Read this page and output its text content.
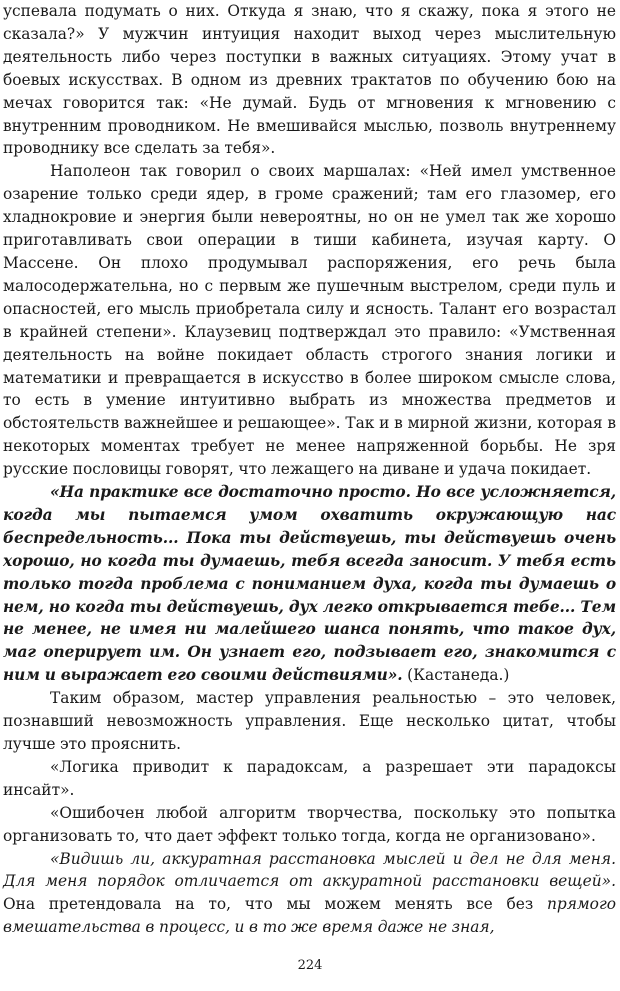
успевала подумать о них. Откуда я знаю, что я скажу, пока я этого не сказала?» У мужчин интуиция находит выход через мыслительную деятельность либо через поступки в важных ситуациях. Этому учат в боевых искусствах. В одном из древних трактатов по обучению бою на мечах говорится так: «Не думай. Будь от мгновения к мгновению с внутренним проводником. Не вмешивайся мыслью, позволь внутреннему проводнику все сделать за тебя».

Наполеон так говорил о своих маршалах: «Ней имел умственное озарение только среди ядер, в громе сражений; там его глазомер, его хладнокровие и энергия были невероятны, но он не умел так же хорошо приготавливать свои операции в тиши кабинета, изучая карту. О Массене. Он плохо продумывал распоряжения, его речь была малосодержательна, но с первым же пушечным выстрелом, среди пуль и опасностей, его мысль приобретала силу и ясность. Талант его возрастал в крайней степени». Клаузевиц подтверждал это правило: «Умственная деятельность на войне покидает область строгого знания логики и математики и превращается в искусство в более широком смысле слова, то есть в умение интуитивно выбрать из множества предметов и обстоятельств важнейшее и решающее». Так и в мирной жизни, которая в некоторых моментах требует не менее напряженной борьбы. Не зря русские пословицы говорят, что лежащего на диване и удача покидает.

«На практике все достаточно просто. Но все усложняется, когда мы пытаемся умом охватить окружающую нас беспредельность... Пока ты действуешь, ты действуешь очень хорошо, но когда ты думаешь, тебя всегда заносит. У тебя есть только тогда проблема с пониманием духа, когда ты думаешь о нем, но когда ты действуешь, дух легко открывается тебе... Тем не менее, не имея ни малейшего шанса понять, что такое дух, маг оперирует им. Он узнает его, подзывает его, знакомится с ним и выражает его своими действиями». (Кастанеда.)

Таким образом, мастер управления реальностью – это человек, познавший невозможность управления. Еще несколько цитат, чтобы лучше это прояснить.

«Логика приводит к парадоксам, а разрешает эти парадоксы инсайт».

«Ошибочен любой алгоритм творчества, поскольку это попытка организовать то, что дает эффект только тогда, когда не организовано».

«Видишь ли, аккуратная расстановка мыслей и дел не для меня. Для меня порядок отличается от аккуратной расстановки вещей». Она претендовала на то, что мы можем менять все без прямого вмешательства в процесс, и в то же время даже не зная,

224
